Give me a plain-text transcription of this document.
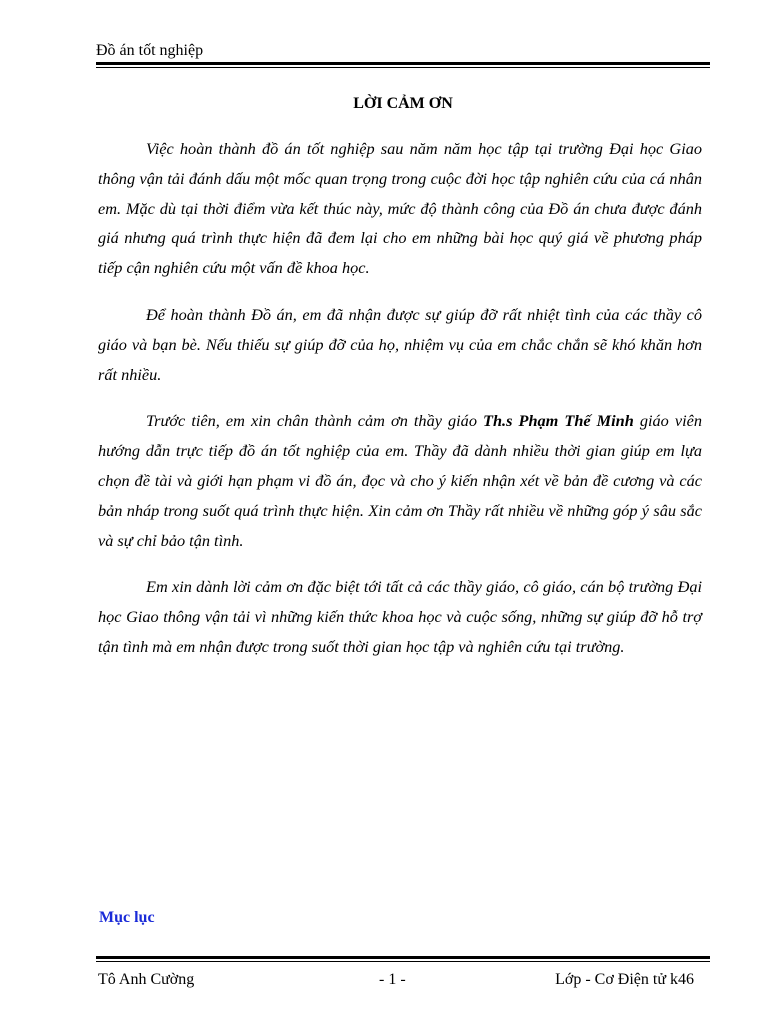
Đồ án tốt nghiệp
LỜI CẢM ƠN

Việc hoàn thành đồ án tốt nghiệp sau năm năm học tập tại trường Đại học Giao thông vận tải đánh dấu một mốc quan trọng trong cuộc đời học tập nghiên cứu của cá nhân em. Mặc dù tại thời điểm vừa kết thúc này, mức độ thành công của Đồ án chưa được đánh giá nhưng quá trình thực hiện đã đem lại cho em những bài học quý giá về phương pháp tiếp cận nghiên cứu một vấn đề khoa học.

Để hoàn thành Đồ án, em đã nhận được sự giúp đỡ rất nhiệt tình của các thầy cô giáo và bạn bè. Nếu thiếu sự giúp đỡ của họ, nhiệm vụ của em chắc chắn sẽ khó khăn hơn rất nhiều.

Trước tiên, em xin chân thành cảm ơn thầy giáo Th.s Phạm Thế Minh giáo viên hướng dẫn trực tiếp đồ án tốt nghiệp của em. Thầy đã dành nhiều thời gian giúp em lựa chọn đề tài và giới hạn phạm vi đồ án, đọc và cho ý kiến nhận xét về bản đề cương và các bản nháp trong suốt quá trình thực hiện. Xin cảm ơn Thầy rất nhiều về những góp ý sâu sắc và sự chỉ bảo tận tình.

Em xin dành lời cảm ơn đặc biệt tới tất cả các thầy giáo, cô giáo, cán bộ trường Đại học Giao thông vận tải vì những kiến thức khoa học và cuộc sống, những sự giúp đỡ hỗ trợ tận tình mà em nhận được trong suốt thời gian học tập và nghiên cứu tại trường.

Mục lục
Tô Anh Cường	- 1 -	Lớp - Cơ Điện tử k46
